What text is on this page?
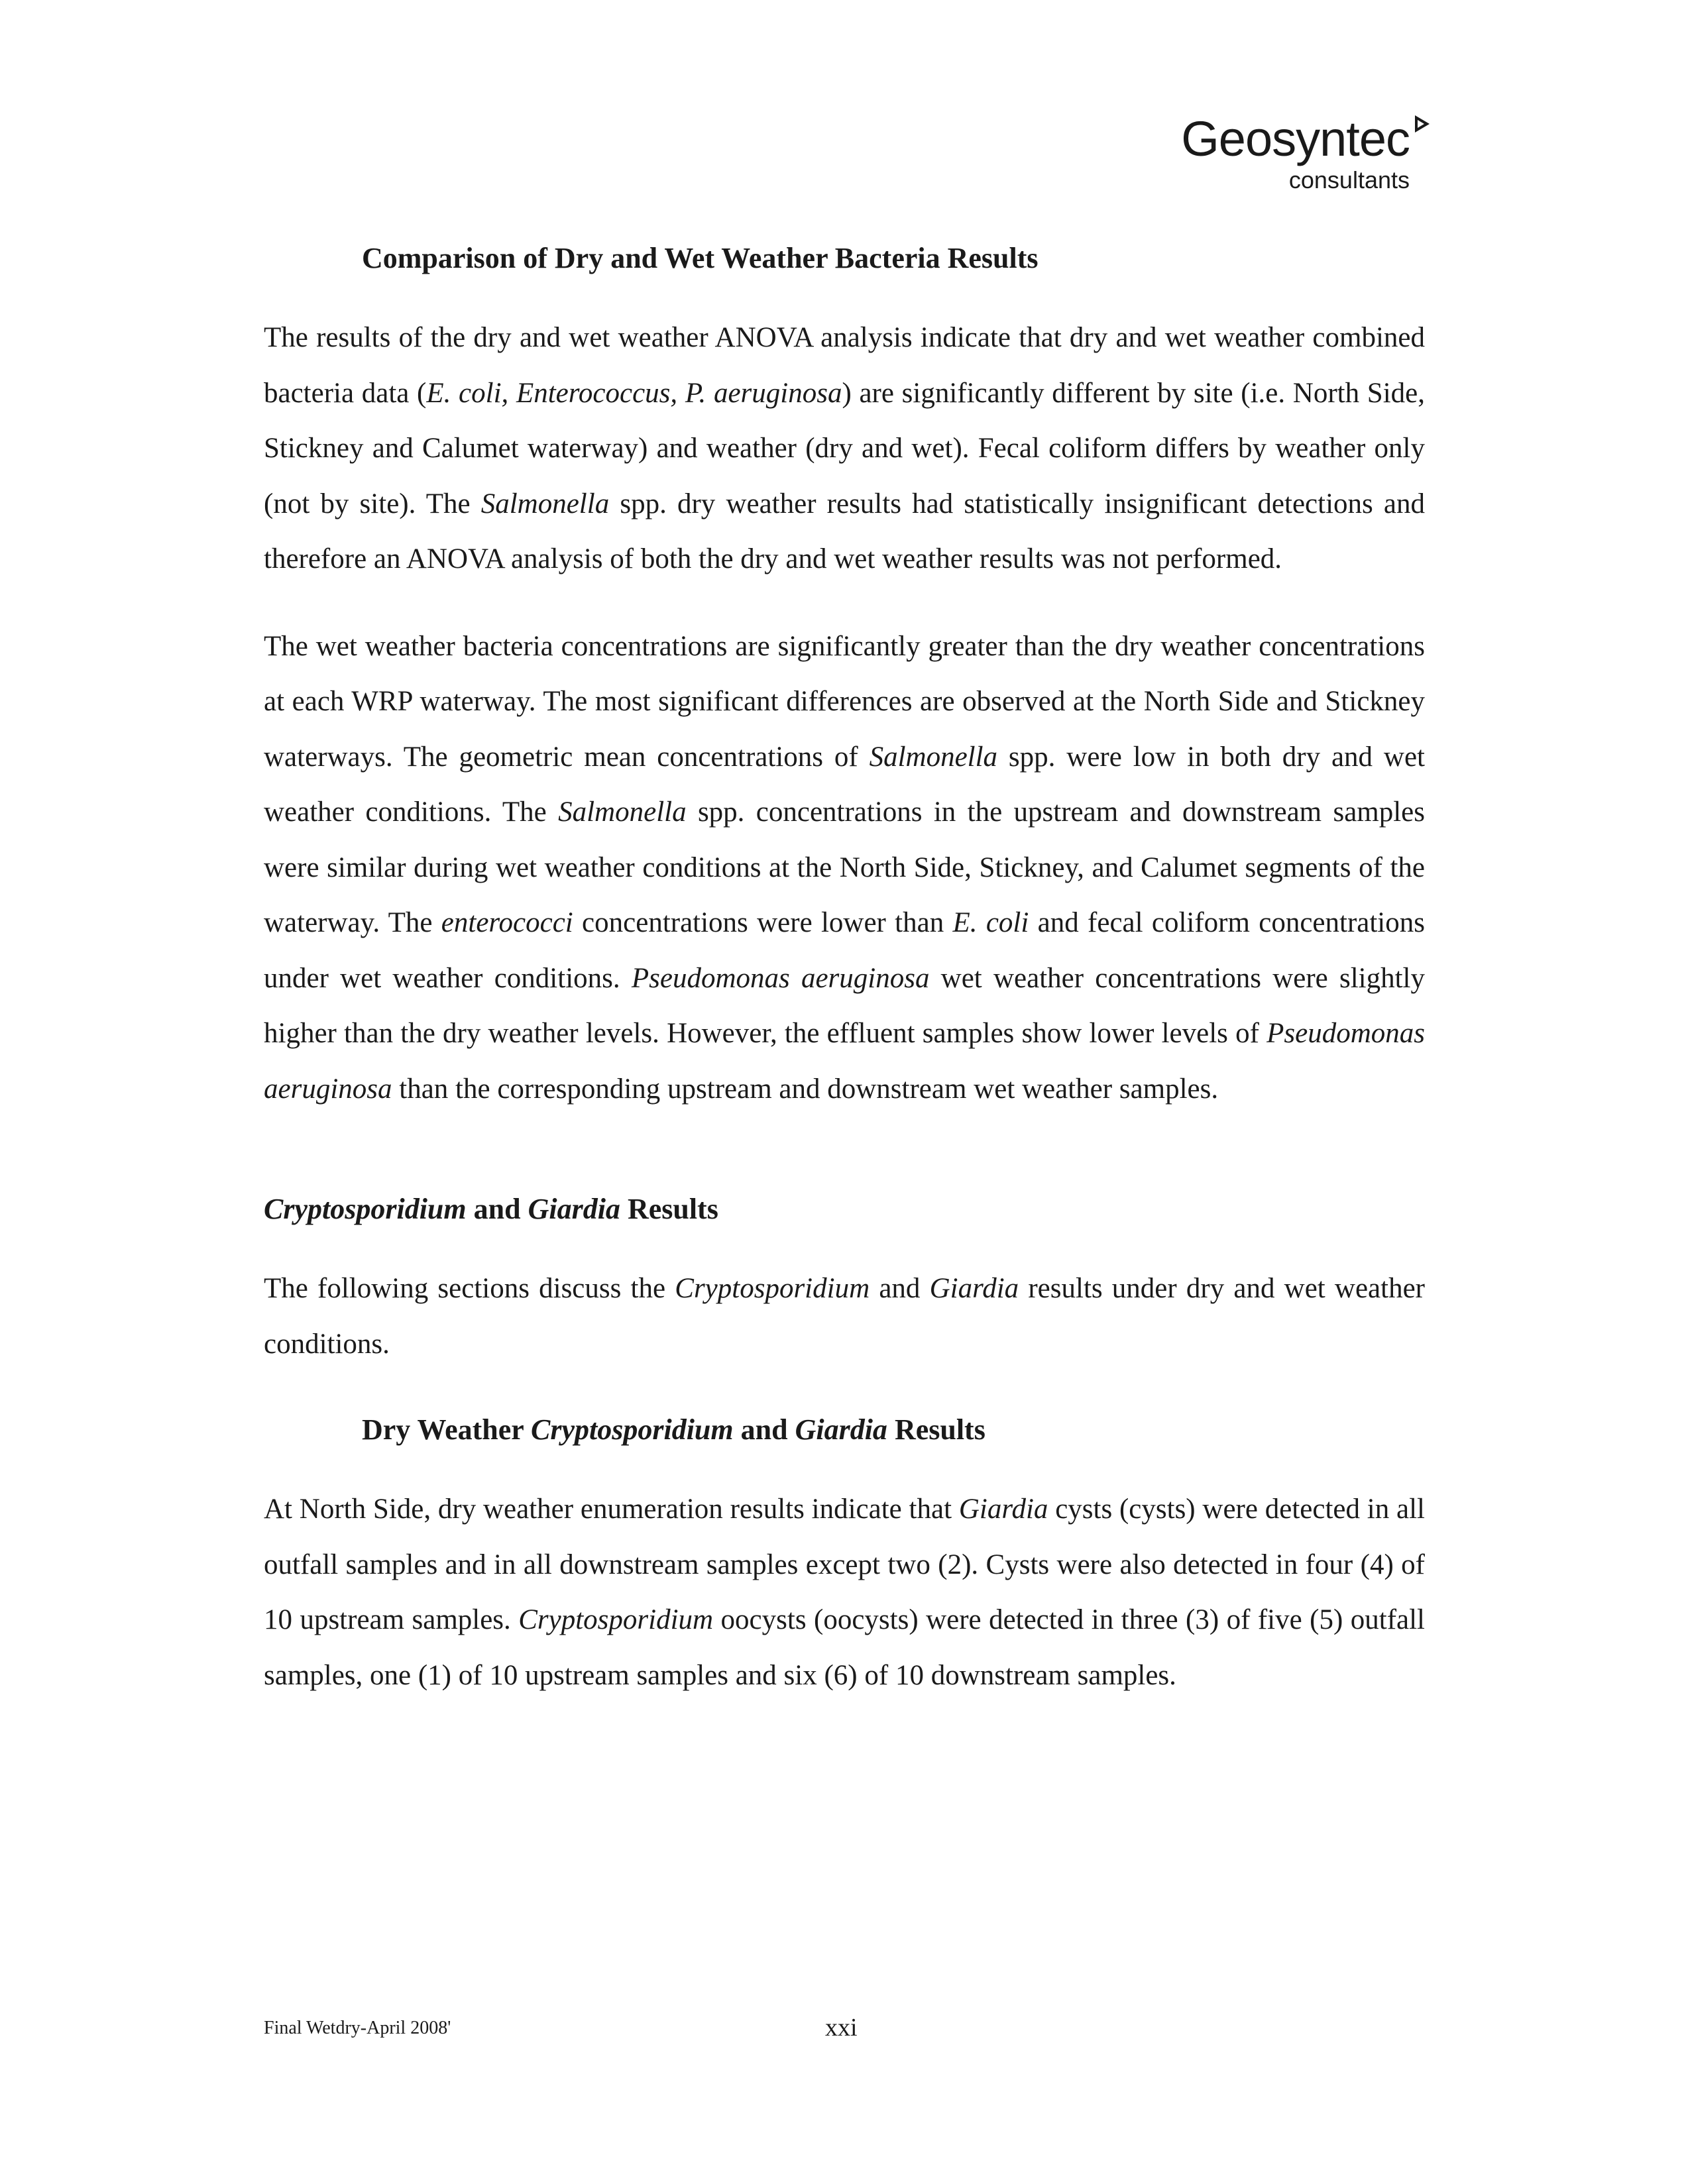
Geosyntec
consultants
Comparison of Dry and Wet Weather Bacteria Results

The results of the dry and wet weather ANOVA analysis indicate that dry and wet weather combined bacteria data (E. coli, Enterococcus, P. aeruginosa) are significantly different by site (i.e. North Side, Stickney and Calumet waterway) and weather (dry and wet). Fecal coliform differs by weather only (not by site). The Salmonella spp. dry weather results had statistically insignificant detections and therefore an ANOVA analysis of both the dry and wet weather results was not performed.

The wet weather bacteria concentrations are significantly greater than the dry weather concentrations at each WRP waterway. The most significant differences are observed at the North Side and Stickney waterways. The geometric mean concentrations of Salmonella spp. were low in both dry and wet weather conditions. The Salmonella spp. concentrations in the upstream and downstream samples were similar during wet weather conditions at the North Side, Stickney, and Calumet segments of the waterway. The enterococci concentrations were lower than E. coli and fecal coliform concentrations under wet weather conditions. Pseudomonas aeruginosa wet weather concentrations were slightly higher than the dry weather levels. However, the effluent samples show lower levels of Pseudomonas aeruginosa than the corresponding upstream and downstream wet weather samples.

Cryptosporidium and Giardia Results

The following sections discuss the Cryptosporidium and Giardia results under dry and wet weather conditions.

Dry Weather Cryptosporidium and Giardia Results

At North Side, dry weather enumeration results indicate that Giardia cysts (cysts) were detected in all outfall samples and in all downstream samples except two (2). Cysts were also detected in four (4) of 10 upstream samples. Cryptosporidium oocysts (oocysts) were detected in three (3) of five (5) outfall samples, one (1) of 10 upstream samples and six (6) of 10 downstream samples.

Final Wetdry-April 2008'	xxi
